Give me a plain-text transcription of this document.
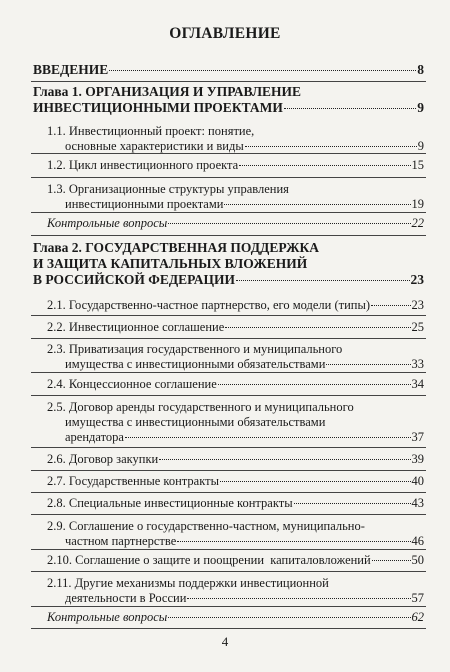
ОГЛАВЛЕНИЕ
ВВЕДЕНИЕ	8
Глава 1. ОРГАНИЗАЦИЯ И УПРАВЛЕНИЕ
ИНВЕСТИЦИОННЫМИ ПРОЕКТАМИ	9
1.1. Инвестиционный проект: понятие,
основные характеристики и виды	9
1.2. Цикл инвестиционного проекта	15
1.3. Организационные структуры управления
инвестиционными проектами	19
Контрольные вопросы	22
Глава 2. ГОСУДАРСТВЕННАЯ ПОДДЕРЖКА
И ЗАЩИТА КАПИТАЛЬНЫХ ВЛОЖЕНИЙ
В РОССИЙСКОЙ ФЕДЕРАЦИИ	23
2.1. Государственно-частное партнерство, его модели (типы)	23
2.2. Инвестиционное соглашение	25
2.3. Приватизация государственного и муниципального
имущества с инвестиционными обязательствами	33
2.4. Концессионное соглашение	34
2.5. Договор аренды государственного и муниципального
имущества с инвестиционными обязательствами
арендатора	37
2.6. Договор закупки	39
2.7. Государственные контракты	40
2.8. Специальные инвестиционные контракты	43
2.9. Соглашение о государственно-частном, муниципально-
частном партнерстве	46
2.10. Соглашение о защите и поощрении  капиталовложений	50
2.11. Другие механизмы поддержки инвестиционной
деятельности в России	57
Контрольные вопросы	62
4
